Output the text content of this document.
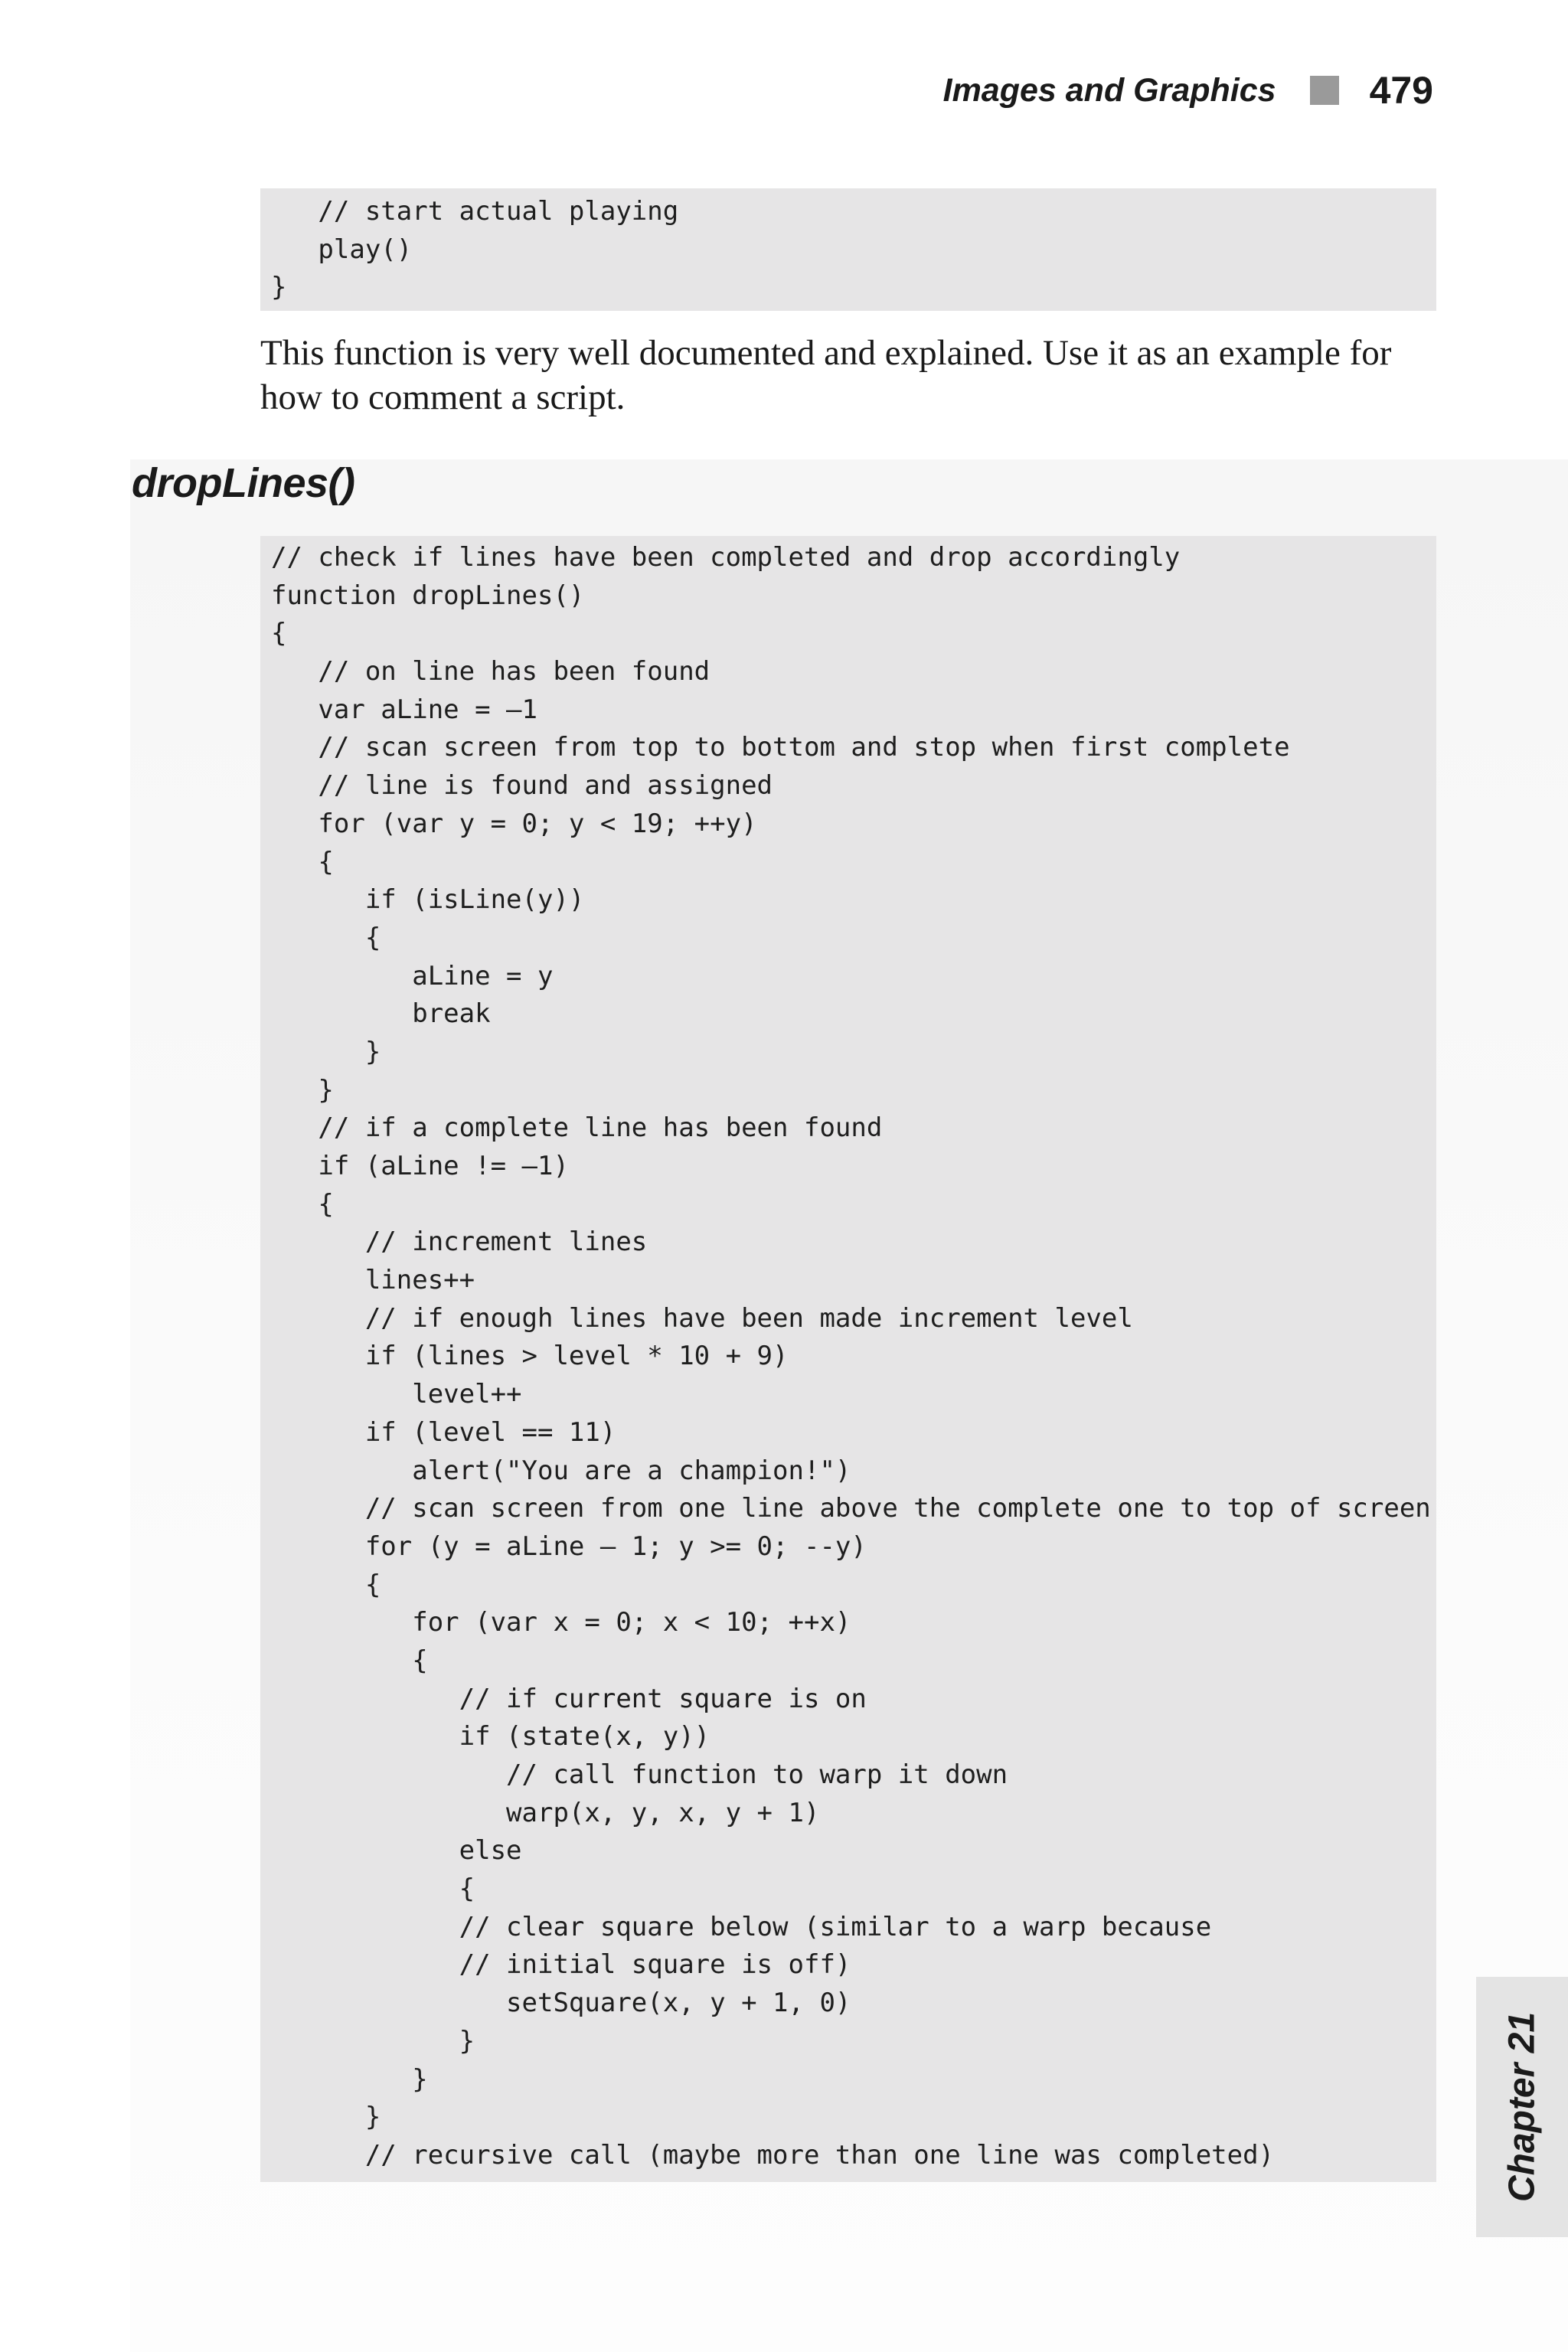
Images and Graphics 479
// start actual playing
play()
}

This function is very well documented and explained. Use it as an example for how to comment a script.

dropLines()
// check if lines have been completed and drop accordingly
function dropLines()
{
// on line has been found
var aLine = –1
// scan screen from top to bottom and stop when first complete
// line is found and assigned
for (var y = 0; y < 19; ++y)
{
if (isLine(y))
{
aLine = y
break
}
}
// if a complete line has been found
if (aLine != –1)
{
// increment lines
lines++
// if enough lines have been made increment level
if (lines > level * 10 + 9)
level++
if (level == 11)
alert("You are a champion!")
// scan screen from one line above the complete one to top of screen
for (y = aLine – 1; y >= 0; --y)
{
for (var x = 0; x < 10; ++x)
{
// if current square is on
if (state(x, y))
// call function to warp it down
warp(x, y, x, y + 1)
else
{
// clear square below (similar to a warp because
// initial square is off)
setSquare(x, y + 1, 0)
}
}
}
// recursive call (maybe more than one line was completed)	Chapter 21
